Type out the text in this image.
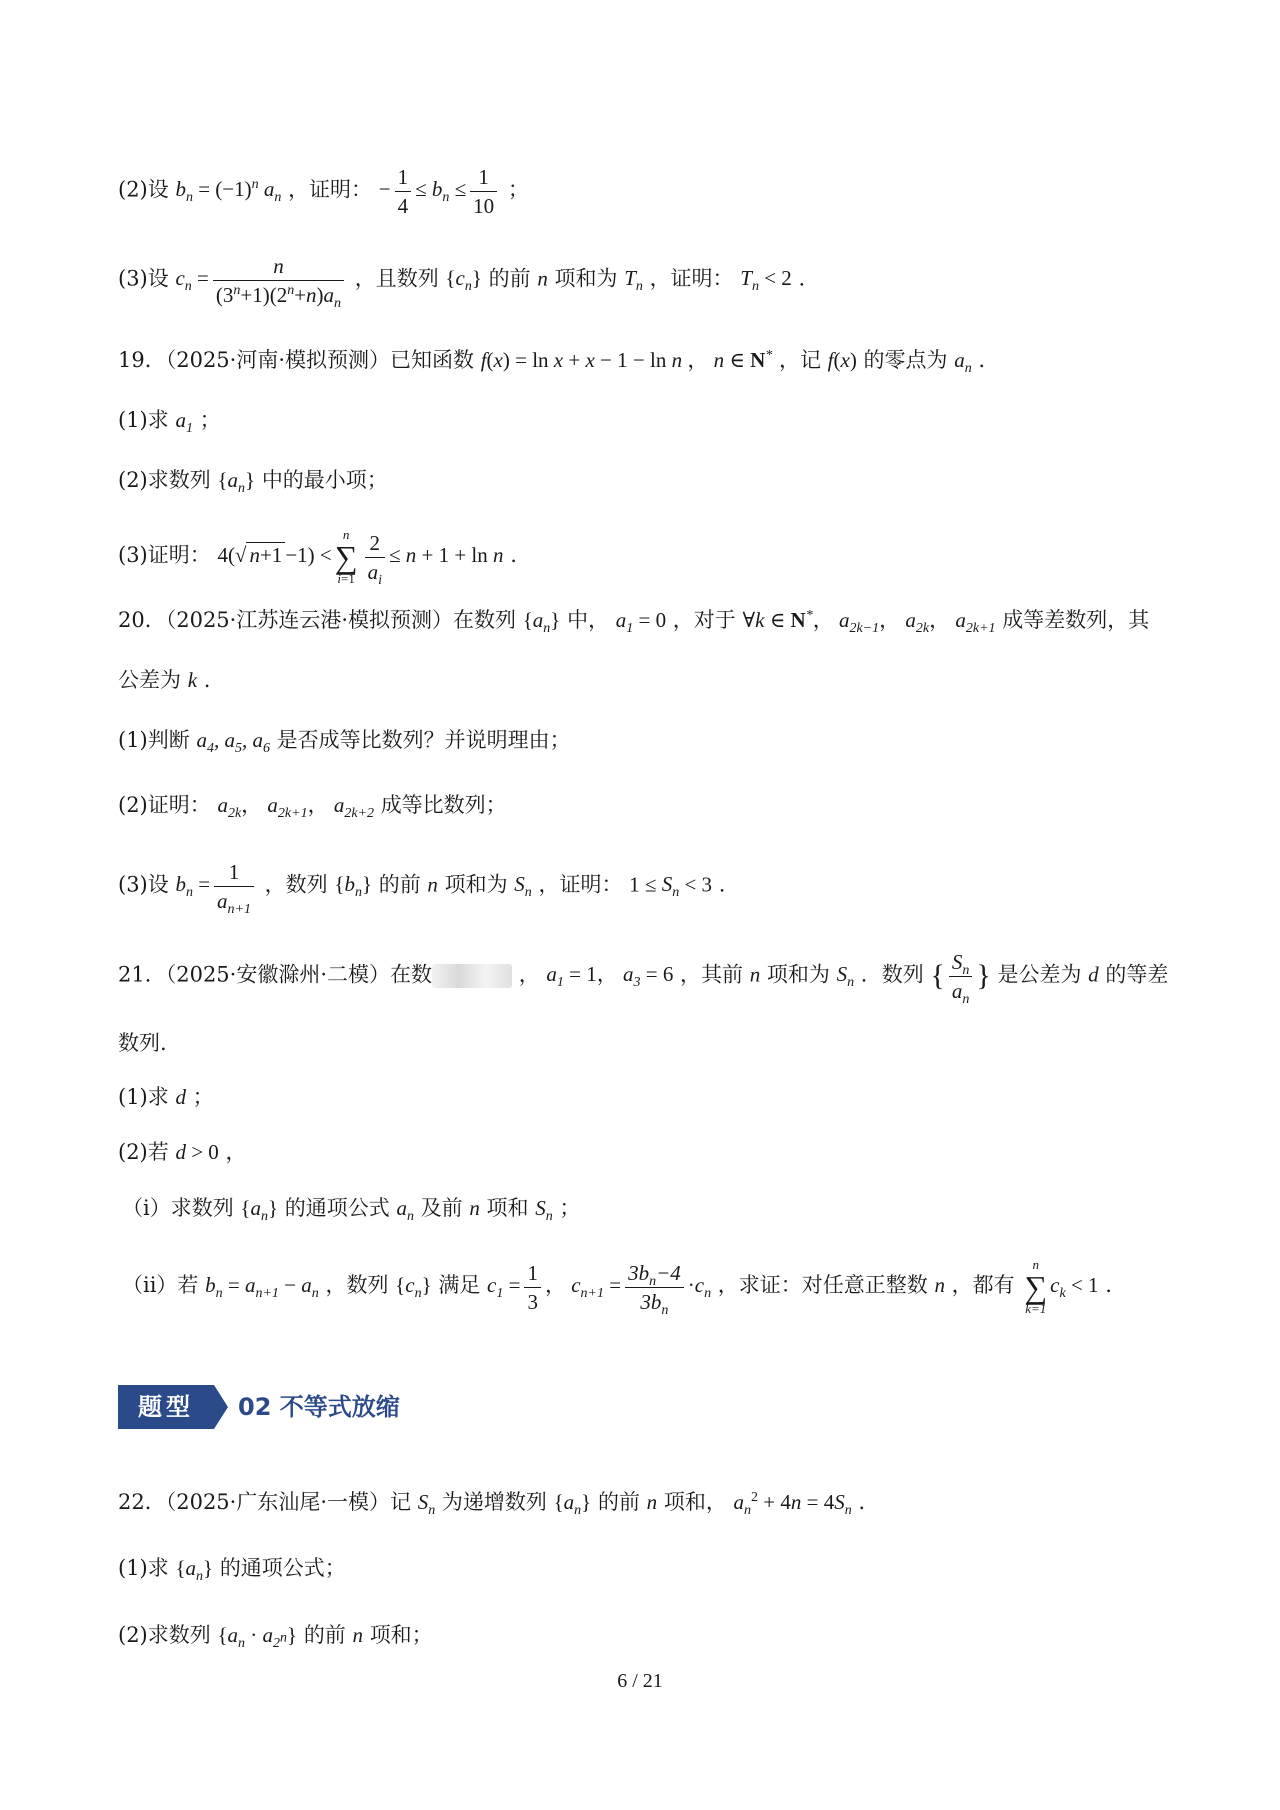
(2)设 $b_n = (-1)^n$ $a_n$ ，证明： − $\frac{1}{4} \le b_n \le \frac{1}{10}$ ；
(3)设 $c_n = \frac{n}{(3^n+1)(2^n+n)a_n}$ ，且数列 $\{c_n\}$ 的前 n 项和为 $T_n$ ，证明： $T_n < 2$ .
19．（2025·河南·模拟预测）已知函数 f(x) = ln x + x − 1 − ln n ， n ∈ N* ，记 f(x) 的零点为 $a_n$ .
(1)求 $a_1$ ；
(2)求数列 $\{a_n\}$ 中的最小项；
(3)证明： 4(√ n+1 −1) <
n
∑
$i=1 \frac{2}{a_i} \le n + 1 + \ln n$ .
20．（2025·江苏连云港·模拟预测）在数列 $\{a_n\}$ 中， $a_1 = 0$ ，对于 ∀k ∈ N*， $a_{2k-1}$， $a_{2k}$， $a_{2k+1}$ 成等差数列，其
公差为 k .
(1)判断 $a_4$, $a_5$, $a_6$ 是否成等比数列？并说明理由；
(2)证明： $a_{2k}$， $a_{2k+1}$， $a_{2k+2}$ 成等比数列；
(3)设 $b_n = \frac{1}{a_{n+1}}$ ，数列 $\{b_n\}$ 的前 n 项和为 $S_n$ ，证明： $1 \le S_n < 3$ .
21．（2025·安徽滁州·二模）在数	， $a_1 = 1$， $a_3 = 6$ ，其前 n 项和为 $S_n$ ．数列 { $\frac{S_n}{a_n}$ } 是公差为 d 的等差
数列.
(1)求 d ；
(2)若 d > 0 ，
（i）求数列 $\{a_n\}$ 的通项公式 $a_n$ 及前 n 项和 $S_n$ ；
（ii）若 $b_n = a_{n+1} - a_n$ ，数列 $\{c_n\}$ 满足 $c_1 = \frac{1}{3}$ ， $c_{n+1} = \frac{3b_n-4}{3b_n} \cdot c_n$ ，求证：对任意正整数 n ，都有
n
∑
k=1
$c_k < 1$ .
题型	02 不等式放缩
22．（2025·广东汕尾·一模）记 $S_n$ 为递增数列 $\{a_n\}$ 的前 n 项和， $a_n^2 + 4n = 4S_n$ .
(1)求 $\{a_n\}$ 的通项公式；
(2)求数列 $\{a_n \cdot a_{2^n}\}$ 的前 n 项和；
6 / 21
